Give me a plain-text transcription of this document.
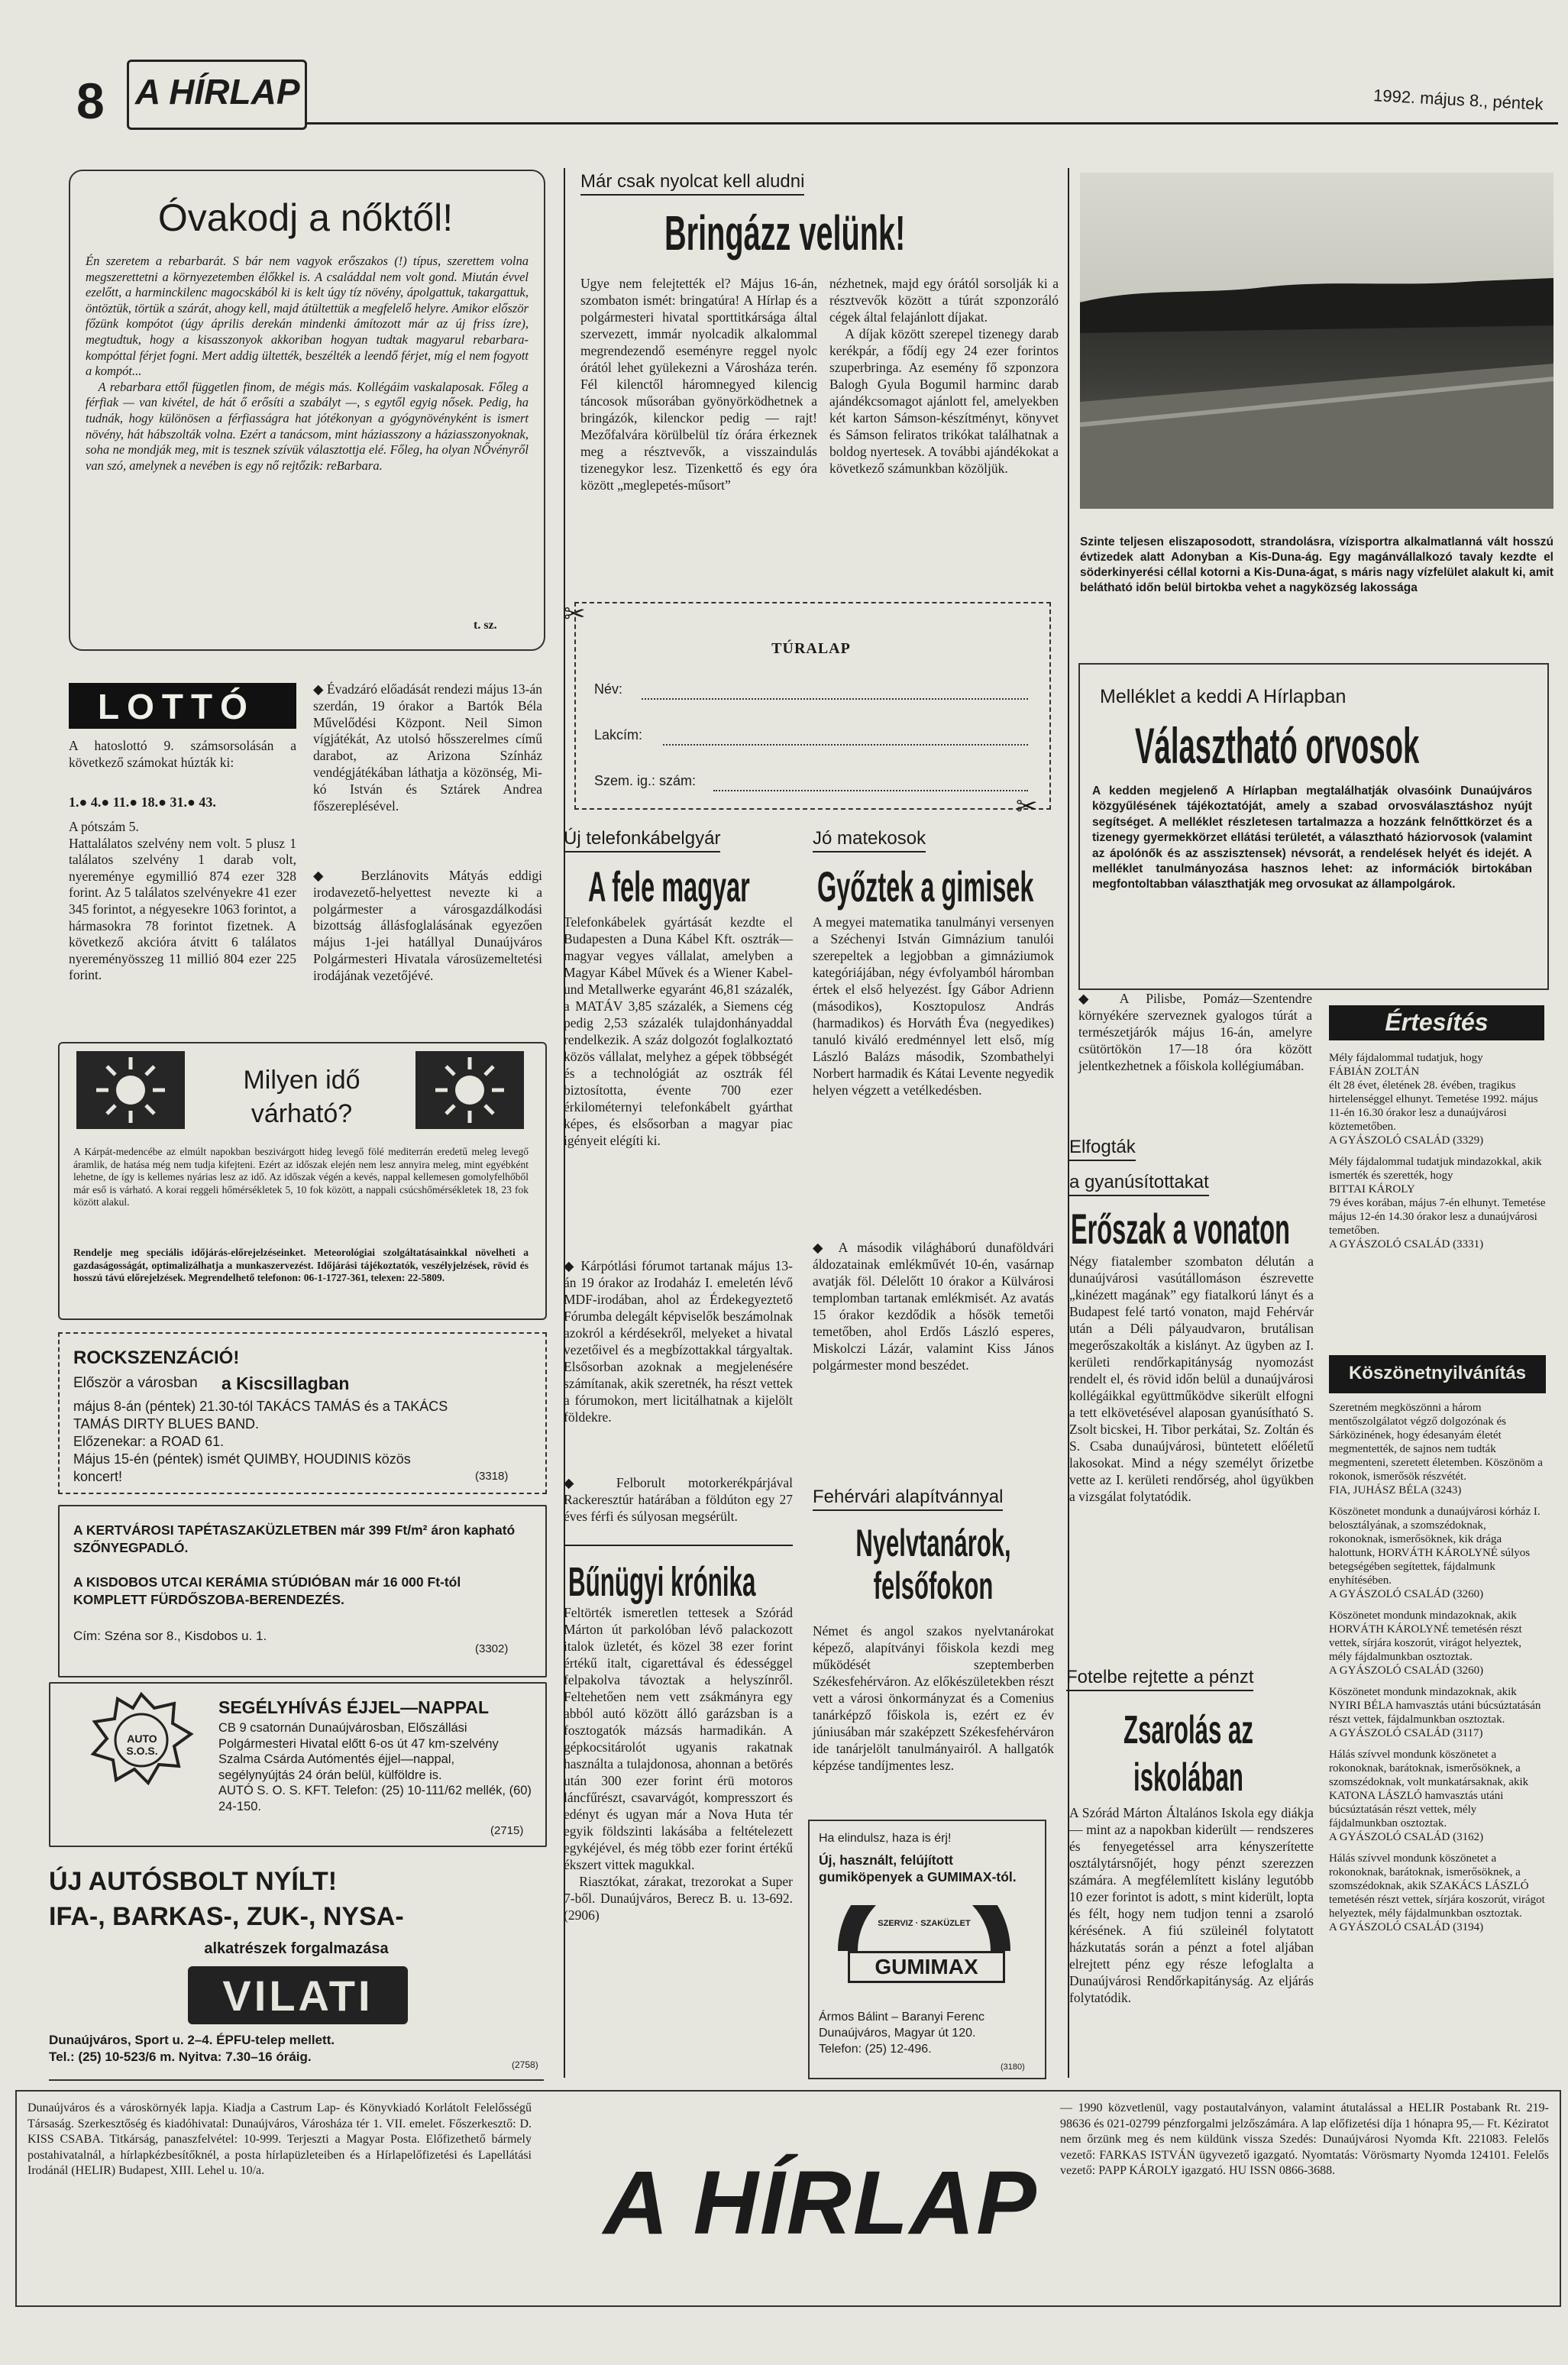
8 A HÍRLAP	1992. május 8., péntek
Óvakodj a nőktől!
Én szeretem a rebarbarát. S bár nem vagyok erőszakos (!) típus, szerettem volna megszerettetni a környezetemben élőkkel is. A családdal nem volt gond. Miután évvel ezelőtt, a harminckilenc magocskából ki is kelt úgy tíz növény, ápolgattuk, takargattuk, öntöztük, törtük a szárát, ahogy kell, majd átültettük a megfelelő helyre. Amikor először főzünk kompótot (úgy április derekán mindenki ámítozott már az új friss ízre), megtudtuk, hogy a kisasszonyok akkoriban hogyan tudtak magyarul rebarbara-kompóttal férjet fogni. Mert addig ültették, beszélték a leendő férjet, míg el nem fogyott a kompót...
A rebarbara ettől független finom, de mégis más. Kollégáim vaskalaposak. Főleg a férfiak — van kivétel, de hát ő erősíti a szabályt —, s egytől egyig nősek. Pedig, ha tudnák, hogy különösen a férfiasságra hat jótékonyan a gyógynövényként is ismert növény, hát hábszolták volna. Ezért a tanácsom, mint háziasszony a háziasszonyoknak, soha ne mondják meg, mit is tesznek szívük választottja elé. Főleg, ha olyan NŐvényről van szó, amelynek a nevében is egy nő rejtőzik: reBarbara.
t. sz.
LOTTÓ
A hatoslottó 9. számsorsolásán a következő számokat húzták ki:
1.● 4.● 11.● 18.● 31.● 43.
A pótszám 5.
Hattalálatos szelvény nem volt. 5 plusz 1 találatos szelvény 1 darab volt, nyereménye egymillió 874 ezer 328 forint. Az 5 találatos szelvényekre 41 ezer 345 forintot, a négyesekre 1063 forintot, a hármasokra 78 forintot fizetnek. A következő akcióra átvitt 6 találatos nyereményösszeg 11 millió 804 ezer 225 forint.
◆ Évadzáró előadását rendezi május 13-án szerdán, 19 órakor a Bartók Béla Művelődési Központ. Neil Simon vígjátékát, Az utolsó hősszerelmes című darabot, az Arizona Színház vendégjátékában láthatja a közönség, Mi-kó István és Sztárek Andrea főszereplésével.
◆ Berzlánovits Mátyás eddigi irodavezető-helyettest nevezte ki a polgármester a városgazdálkodási bizottság állásfoglalásának egyezően május 1-jei hatállyal Dunaújváros Polgármesteri Hivatala városüzemeltetési irodájának vezetőjévé.
Milyen idő várható?
A Kárpát-medencébe az elmúlt napokban beszivárgott hideg levegő fölé mediterrán eredetű meleg levegő áramlik, de hatása még nem tudja kifejteni. Ezért az időszak elején nem lesz annyira meleg, mint egyébként lehetne, de így is kellemes nyárias lesz az idő. Az időszak végén a kevés, nappal kellemesen gomolyfelhőből már eső is várható. A korai reggeli hőmérsékletek 5, 10 fok között, a nappali csúcshőmérsékletek 18, 23 fok között alakul.
Rendelje meg speciális időjárás-előrejelzéseinket. Meteorológiai szolgáltatásainkkal növelheti a gazdaságosságát, optimalizálhatja a munkaszervezést. Időjárási tájékoztatók, veszélyjelzések, rövid és hosszú távú előrejelzések. Megrendelhető telefonon: 06-1-1727-361, telexen: 22-5809.
ROCKSZENZÁCIÓ!
Először a városban a Kiscsillagban
május 8-án (péntek) 21.30-tól TAKÁCS TAMÁS és a TAKÁCS TAMÁS DIRTY BLUES BAND.
Előzenekar: a ROAD 61.
Május 15-én (péntek) ismét QUIMBY, HOUDINIS közös koncert!	(3318)
A KERTVÁROSI TAPÉTASZAKÜZLETBEN már 399 Ft/m² áron kapható SZŐNYEGPADLÓ.
A KISDOBOS UTCAI KERÁMIA STÚDIÓBAN már 16 000 Ft-tól KOMPLETT FÜRDŐSZOBA-BERENDEZÉS.
Cím: Széna sor 8., Kisdobos u. 1.
(3302)
AUTO S.O.S.
SEGÉLYHÍVÁS ÉJJEL—NAPPAL
CB 9 csatornán Dunaújvárosban, Előszállási Polgármesteri Hivatal előtt 6-os út 47 km-szelvény Szalma Csárda Autómentés éjjel—nappal, segélynyújtás 24 órán belül, külföldre is.
AUTÓ S. O. S. KFT. Telefon: (25) 10-111/62 mellék, (60) 24-150.
(2715)
ÚJ AUTÓSBOLT NYÍLT!
IFA-, BARKAS-, ZUK-, NYSA-
alkatrészek forgalmazása
VILATI
Dunaújváros, Sport u. 2–4. ÉPFU-telep mellett.
Tel.: (25) 10-523/6 m. Nyitva: 7.30–16 óráig.
(2758)
Már csak nyolcat kell aludni
Bringázz velünk!
Ugye nem felejtették el? Május 16-án, szombaton ismét: bringatúra! A Hírlap és a polgármesteri hivatal sporttitkársága által szervezett, immár nyolcadik alkalommal megrendezendő eseményre reggel nyolc órától lehet gyülekezni a Városháza terén. Fél kilenctől háromnegyed kilencig táncosok műsorában gyönyörködhetnek a bringázók, kilenckor pedig — rajt! Mezőfalvára körülbelül tíz órára érkeznek meg a résztvevők, a visszaindulás tizenegykor lesz. Tizenkettő és egy óra között „meglepetés-műsort”
nézhetnek, majd egy órától sorsolják ki a résztvevők között a túrát szponzoráló cégek által felajánlott díjakat.
A díjak között szerepel tizenegy darab kerékpár, a fődíj egy 24 ezer forintos szuperbringa. Az esemény fő szponzora Balogh Gyula Bogumil harminc darab ajándékcsomagot ajánlott fel, amelyekben két karton Sámson-készítményt, könyvet és Sámson feliratos trikókat találhatnak a boldog nyertesek. A további ajándékokat a következő számunkban közöljük.
✂
TÚRALAP
Név:
Lakcím:
Szem. ig.: szám:
✂
Szinte teljesen eliszaposodott, strandolásra, vízisportra alkalmatlanná vált hosszú évtizedek alatt Adonyban a Kis-Duna-ág. Egy magánvállalkozó tavaly kezdte el söderkinyerési céllal kotorni a Kis-Duna-ágat, s máris nagy vízfelület alakult ki, amit belátható időn belül birtokba vehet a nagyközség lakossága
Melléklet a keddi A Hírlapban
Választható orvosok
A kedden megjelenő A Hírlapban megtalálhatják olvasóink Dunaújváros közgyűlésének tájékoztatóját, amely a szabad orvosválasztáshoz nyújt segítséget. A melléklet részletesen tartalmazza a hozzánk felnőttkörzet és a tizenegy gyermekkörzet ellátási területét, a választható háziorvosok (valamint az ápolónők és az asszisztensek) névsorát, a rendelések helyét és idejét. A melléklet tanulmányozása hasznos lehet: az információk birtokában megfontoltabban választhatják meg orvosukat az állampolgárok.
Új telefonkábelgyár
A fele magyar
Telefonkábelek gyártását kezdte el Budapesten a Duna Kábel Kft. osztrák—magyar vegyes vállalat, amelyben a Magyar Kábel Művek és a Wiener Kabel- und Metallwerke egyaránt 46,81 százalék, a MATÁV 3,85 százalék, a Siemens cég pedig 2,53 százalék tulajdonhányaddal rendelkezik. A száz dolgozót foglalkoztató közös vállalat, melyhez a gépek többségét és a technológiát az osztrák fél biztosította, évente 700 ezer érkilométernyi telefonkábelt gyárthat képes, és elsősorban a magyar piac igényeit elégíti ki.
Jó matekosok
Győztek a gimisek
A megyei matematika tanulmányi versenyen a Széchenyi István Gimnázium tanulói szerepeltek a legjobban a gimnáziumok kategóriájában, négy évfolyamból háromban értek el első helyezést. Így Gábor Adrienn (másodikos), Kosztopulosz András (harmadikos) és Horváth Éva (negyedikes) tanuló kiváló eredménnyel lett első, míg László Balázs második, Szombathelyi Norbert harmadik és Kátai Levente negyedik helyen végzett a vetélkedésben.
◆ Kárpótlási fórumot tartanak május 13-án 19 órakor az Irodaház I. emeletén lévő MDF-irodában, ahol az Érdekegyeztető Fórumba delegált képviselők beszámolnak azokról a kérdésekről, melyeket a hivatal vezetőivel és a megbízottakkal tárgyaltak. Elsősorban azoknak a megjelenésére számítanak, akik szeretnék, ha részt vettek a fórumokon, mert licitálhatnak a kijelölt földekre.
◆ Felborult motorkerékpárjával Rackeresztúr határában a földúton egy 27 éves férfi és súlyosan megsérült.
◆ A második világháború dunaföldvári áldozatainak emlékművét 10-én, vasárnap avatják föl. Délelőtt 10 órakor a Külvárosi templomban tartanak emlékmisét. Az avatás 15 órakor kezdődik a hősök temetői temetőben, ahol Erdős László esperes, Miskolczi Lázár, valamint Kiss János polgármester mond beszédet.
Bűnügyi krónika
Feltörték ismeretlen tettesek a Szórád Márton út parkolóban lévő palackozott italok üzletét, és közel 38 ezer forint értékű italt, cigarettával és édességgel felpakolva távoztak a helyszínről. Feltehetően nem vett zsákmányra egy abból autó között álló garázsban is a fosztogatók mázsás harmadikán. A gépkocsitárolót ugyanis rakatnak használta a tulajdonosa, ahonnan a betörés után 300 ezer forint érü motoros láncfűrészt, csavarvágót, kompresszort és edényt és ugyan már a Nova Huta tér egyik földszinti lakásába a feltételezett egykéjével, és még több ezer forint értékű ékszert vittek magukkal.
Riasztókat, zárakat, trezorokat a Super 7-ből. Dunaújváros, Berecz B. u. 13-692. (2906)
Fehérvári alapítvánnyal
Nyelvtanárok, felsőfokon
Német és angol szakos nyelvtanárokat képező, alapítványi főiskola kezdi meg működését szeptemberben Székesfehérváron. Az előkészületekben részt vett a városi önkormányzat és a Comenius tanárképző főiskola is, ezért ez év júniusában már szaképzett Székesfehérváron ide tanárjelölt tanulmányairól. A hallgatók képzése tandíjmentes lesz.
Ha elindulsz, haza is érj!
Új, használt, felújított gumiköpenyek a GUMIMAX-tól.
SZERVIZ · SZAKÜZLET
GUMIMAX
Ármos Bálint – Baranyi Ferenc
Dunaújváros, Magyar út 120.
Telefon: (25) 12-496.
(3180)
◆ A Pilisbe, Pomáz—Szentendre környékére szerveznek gyalogos túrát a természetjárók május 16-án, amelyre csütörtökön 17—18 óra között jelentkezhetnek a főiskola kollégiumában.
Elfogták
a gyanúsítottakat
Erőszak a vonaton
Négy fiatalember szombaton délután a dunaújvárosi vasútállomáson észrevette „kinézett magának” egy fiatalkorú lányt és a Budapest felé tartó vonaton, majd Fehérvár után a Déli pályaudvaron, brutálisan megerőszakolták a kislányt. Az ügyben az I. kerületi rendőrkapitányság nyomozást rendelt el, és rövid időn belül a dunaújvárosi kollégáikkal együttműködve sikerült elfogni a tett elkövetésével alaposan gyanúsítható S. Zsolt bicskei, H. Tibor perkátai, Sz. Zoltán és S. Csaba dunaújvárosi, büntetett előéletű lakosokat. Mind a négy személyt őrizetbe vette az I. kerületi rendőrség, ahol ügyükben a vizsgálat folytatódik.
Fotelbe rejtette a pénzt
Zsarolás az iskolában
A Szórád Márton Általános Iskola egy diákja — mint az a napokban kiderült — rendszeres és fenyegetéssel arra kényszerítette osztálytársnőjét, hogy pénzt szerezzen számára. A megfélemlített kislány legutóbb 10 ezer forintot is adott, s mint kiderült, lopta és félt, hogy nem tudjon tenni a zsaroló kérésének. A fiú szüleinél folytatott házkutatás során a pénzt a fotel aljában elrejtett pénz egy része lefoglalta a Dunaújvárosi Rendőrkapitányság. Az eljárás folytatódik.
Értesítés
Mély fájdalommal tudatjuk, hogy
FÁBIÁN ZOLTÁN
élt 28 évet, életének 28. évében, tragikus hirtelenséggel elhunyt. Temetése 1992. május 11-én 16.30 órakor lesz a dunaújvárosi köztemetőben.
A GYÁSZOLÓ CSALÁD (3329)
Mély fájdalommal tudatjuk mindazokkal, akik ismerték és szerették, hogy
BITTAI KÁROLY
79 éves korában, május 7-én elhunyt. Temetése május 12-én 14.30 órakor lesz a dunaújvárosi temetőben.
A GYÁSZOLÓ CSALÁD (3331)
Köszönetnyilvánítás
Szeretném megköszönni a három mentőszolgálatot végző dolgozónak és Sárközinének, hogy édesanyám életét megmentették, de sajnos nem tudták megmenteni, szeretett életemben. Köszönöm a rokonok, ismerősök részvétét.
FIA, JUHÁSZ BÉLA (3243)
Köszönetet mondunk a dunaújvárosi kórház I. belosztályának, a szomszédoknak, rokonoknak, ismerősöknek, kik drága halottunk, HORVÁTH KÁROLYNÉ súlyos betegségében segítettek, fájdalmunk enyhítésében.
A GYÁSZOLÓ CSALÁD (3260)
Köszönetet mondunk mindazoknak, akik HORVÁTH KÁROLYNÉ temetésén részt vettek, sírjára koszorút, virágot helyeztek, mély fájdalmunkban osztoztak.
A GYÁSZOLÓ CSALÁD (3260)
Köszönetet mondunk mindazoknak, akik NYIRI BÉLA hamvasztás utáni búcsúztatásán részt vettek, fájdalmunkban osztoztak.
A GYÁSZOLÓ CSALÁD (3117)
Hálás szívvel mondunk köszönetet a rokonoknak, barátoknak, ismerősöknek, a szomszédoknak, volt munkatársaknak, akik KATONA LÁSZLÓ hamvasztás utáni búcsúztatásán részt vettek, mély fájdalmunkban osztoztak.
A GYÁSZOLÓ CSALÁD (3162)
Hálás szívvel mondunk köszönetet a rokonoknak, barátoknak, ismerősöknek, a szomszédoknak, akik SZAKÁCS LÁSZLÓ temetésén részt vettek, sírjára koszorút, virágot helyeztek, mély fájdalmunkban osztoztak.
A GYÁSZOLÓ CSALÁD (3194)
Dunaújváros és a városkörnyék lapja. Kiadja a Castrum Lap- és Könyvkiadó Korlátolt Felelősségű Társaság. Szerkesztőség és kiadóhivatal: Dunaújváros, Városháza tér 1. VII. emelet. Főszerkesztő: D. KISS CSABA. Titkárság, panaszfelvétel: 10-999. Terjeszti a Magyar Posta. Előfizethető bármely postahivatalnál, a hírlapkézbesítőknél, a posta hírlapüzleteiben és a Hírlapelőfizetési és Lapellátási Irodánál (HELIR) Budapest, XIII. Lehel u. 10/a.	A HÍRLAP
— 1990 közvetlenül, vagy postautalványon, valamint átutalással a HELIR Postabank Rt. 219-98636 és 021-02799 pénzforgalmi jelzőszámára. A lap előfizetési díja 1 hónapra 95,— Ft. Kéziratot nem őrzünk meg és nem küldünk vissza Szedés: Dunaújvárosi Nyomda Kft. 221083. Felelős vezető: FARKAS ISTVÁN ügyvezető igazgató. Nyomtatás: Vörösmarty Nyomda 124101. Felelős vezető: PAPP KÁROLY igazgató. HU ISSN 0866-3688.
